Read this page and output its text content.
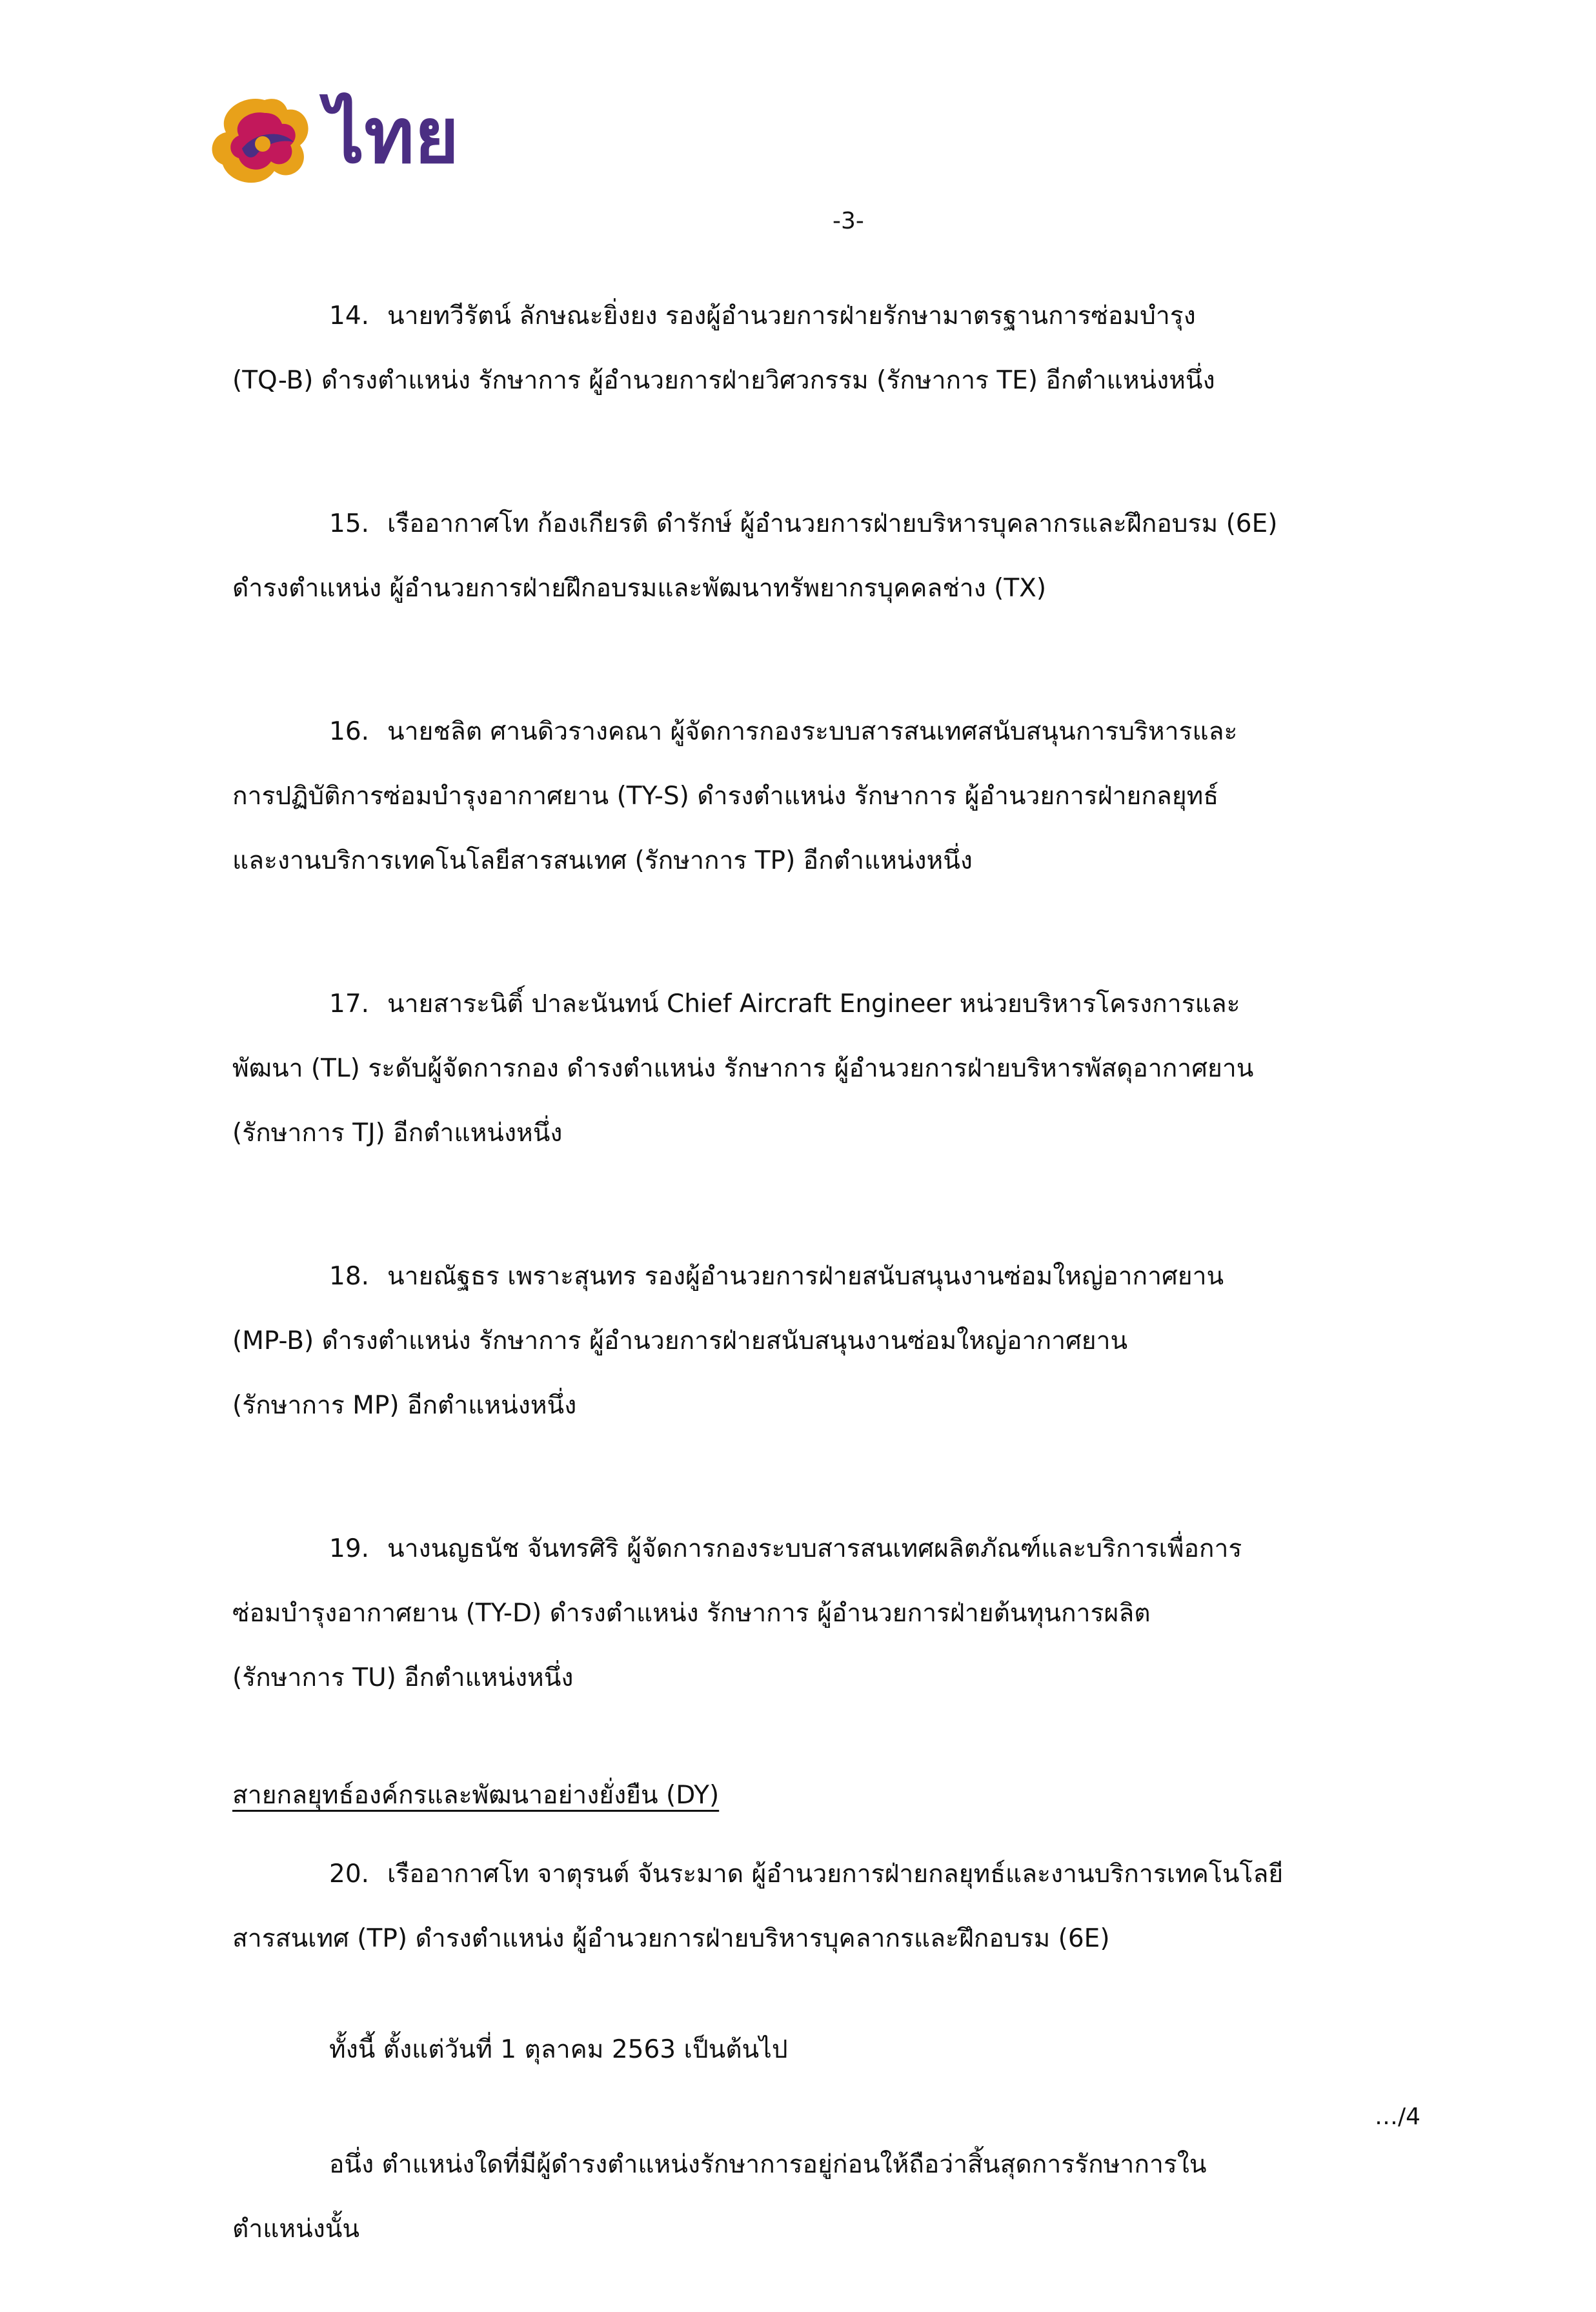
ไทย
-3-
14. นายทวีรัตน์ ลักษณะยิ่งยง รองผู้อำนวยการฝ่ายรักษามาตรฐานการซ่อมบำรุง
(TQ-B) ดำรงตำแหน่ง รักษาการ ผู้อำนวยการฝ่ายวิศวกรรม (รักษาการ TE) อีกตำแหน่งหนึ่ง
15. เรืออากาศโท ก้องเกียรติ ดำรักษ์ ผู้อำนวยการฝ่ายบริหารบุคลากรและฝึกอบรม (6E)
ดำรงตำแหน่ง ผู้อำนวยการฝ่ายฝึกอบรมและพัฒนาทรัพยากรบุคคลช่าง (TX)
16. นายชลิต ศานดิวรางคณา ผู้จัดการกองระบบสารสนเทศสนับสนุนการบริหารและ
การปฏิบัติการซ่อมบำรุงอากาศยาน (TY-S) ดำรงตำแหน่ง รักษาการ ผู้อำนวยการฝ่ายกลยุทธ์
และงานบริการเทคโนโลยีสารสนเทศ (รักษาการ TP) อีกตำแหน่งหนึ่ง
17. นายสาระนิติ์ ปาละนันทน์ Chief Aircraft Engineer หน่วยบริหารโครงการและ
พัฒนา (TL) ระดับผู้จัดการกอง ดำรงตำแหน่ง รักษาการ ผู้อำนวยการฝ่ายบริหารพัสดุอากาศยาน
(รักษาการ TJ) อีกตำแหน่งหนึ่ง
18. นายณัฐธร เพราะสุนทร รองผู้อำนวยการฝ่ายสนับสนุนงานซ่อมใหญ่อากาศยาน
(MP-B) ดำรงตำแหน่ง รักษาการ ผู้อำนวยการฝ่ายสนับสนุนงานซ่อมใหญ่อากาศยาน
(รักษาการ MP) อีกตำแหน่งหนึ่ง
19. นางนญธนัช จันทรศิริ ผู้จัดการกองระบบสารสนเทศผลิตภัณฑ์และบริการเพื่อการ
ซ่อมบำรุงอากาศยาน (TY-D) ดำรงตำแหน่ง รักษาการ ผู้อำนวยการฝ่ายต้นทุนการผลิต
(รักษาการ TU) อีกตำแหน่งหนึ่ง
สายกลยุทธ์องค์กรและพัฒนาอย่างยั่งยืน (DY)
20. เรืออากาศโท จาตุรนต์ จันระมาด ผู้อำนวยการฝ่ายกลยุทธ์และงานบริการเทคโนโลยี
สารสนเทศ (TP) ดำรงตำแหน่ง ผู้อำนวยการฝ่ายบริหารบุคลากรและฝึกอบรม (6E)
ทั้งนี้ ตั้งแต่วันที่ 1 ตุลาคม 2563 เป็นต้นไป
อนึ่ง ตำแหน่งใดที่มีผู้ดำรงตำแหน่งรักษาการอยู่ก่อนให้ถือว่าสิ้นสุดการรักษาการใน
ตำแหน่งนั้น
…/4
